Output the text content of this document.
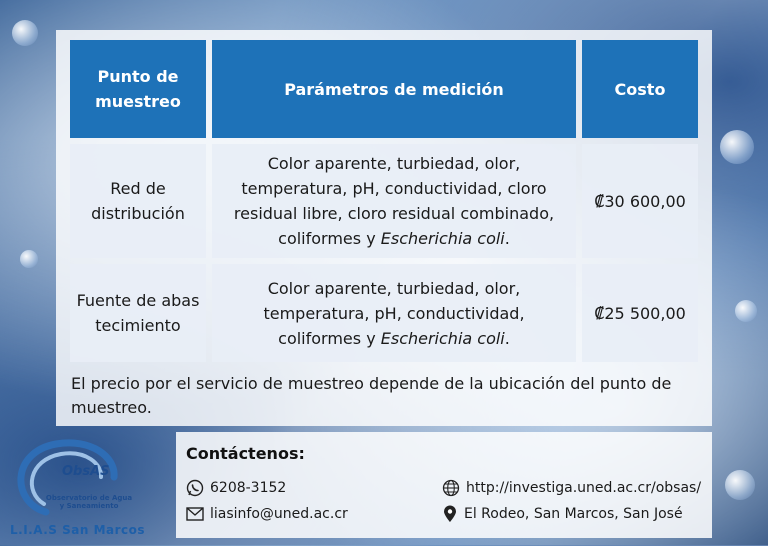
Punto de muestreo
Parámetros de medición	Costo
Red de distribución
Color aparente, turbiedad, olor, temperatura, pH, conductividad, cloro residual libre, cloro residual combinado, coliformes y Escherichia coli.
₡30 600,00
Fuente de abastecimiento
Color aparente, turbiedad, olor, temperatura, pH, conductividad, coliformes y Escherichia coli.
₡25 500,00
El precio por el servicio de muestreo depende de la ubicación del punto de muestreo.
ObsAS
Observatorio de Agua y Saneamiento
L.I.A.S San Marcos
Contáctenos:
6208-3152
liasinfo@uned.ac.cr
http://investiga.uned.ac.cr/obsas/
El Rodeo, San Marcos, San José
